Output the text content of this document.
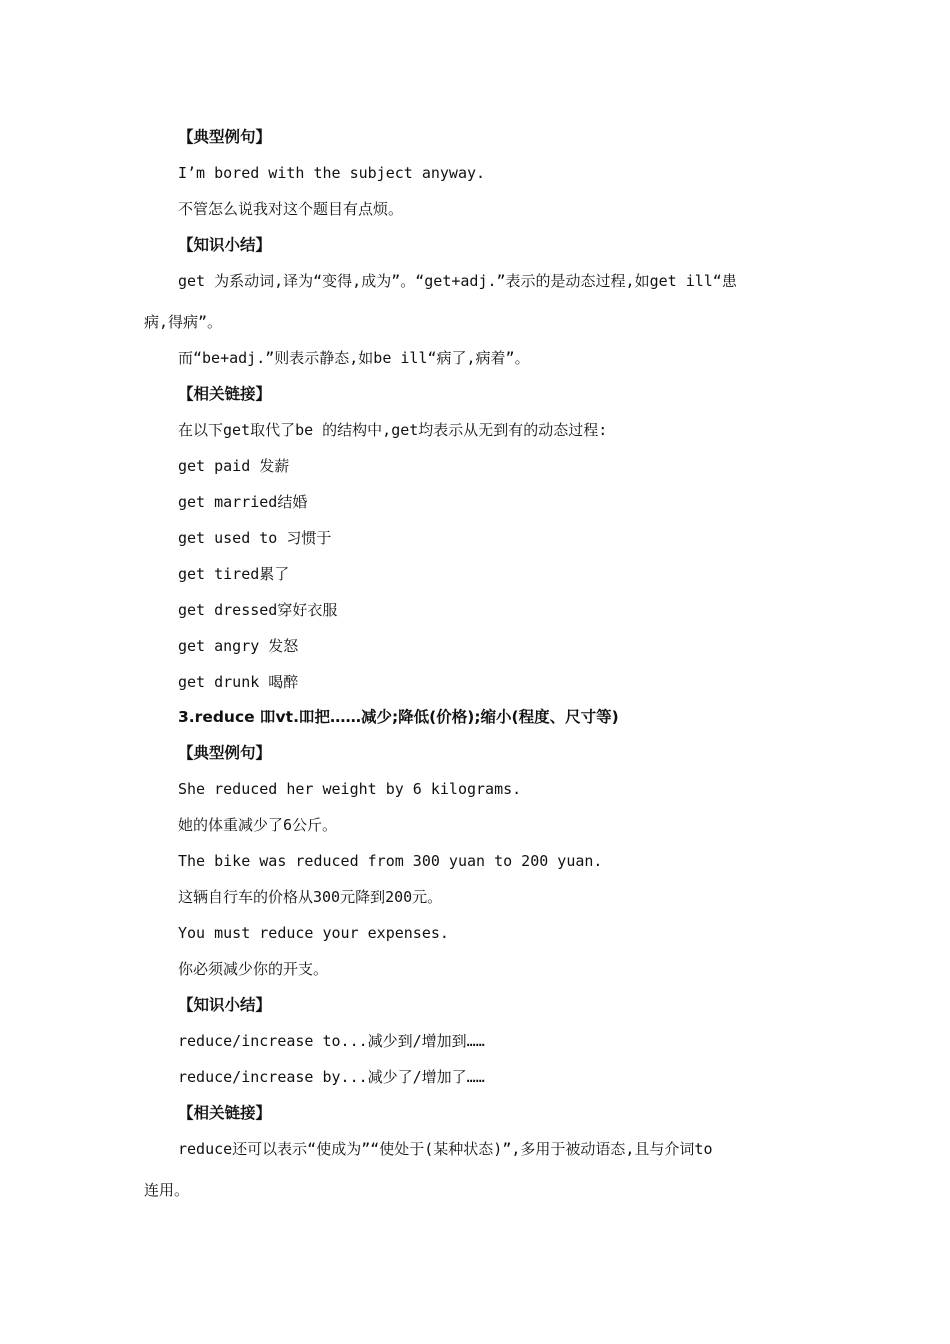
【典型例句】
I’m bored with the subject anyway.
不管怎么说我对这个题目有点烦。
【知识小结】
get 为系动词,译为“变得,成为”。“get+adj.”表示的是动态过程,如get ill“患
病,得病”。
而“be+adj.”则表示静态,如be ill“病了,病着”。
【相关链接】
在以下get取代了be 的结构中,get均表示从无到有的动态过程:
get paid 发薪
get married结婚
get used to 习惯于
get tired累了
get dressed穿好衣服
get angry 发怒
get drunk 喝醉
3.reduce 吅vt.吅把……减少;降低(价格);缩小(程度、尺寸等)
【典型例句】
She reduced her weight by 6 kilograms.
她的体重减少了6公斤。
The bike was reduced from 300 yuan to 200 yuan.
这辆自行车的价格从300元降到200元。
You must reduce your expenses.
你必须减少你的开支。
【知识小结】
reduce/increase to...减少到/增加到……
reduce/increase by...减少了/增加了……
【相关链接】
reduce还可以表示“使成为”“使处于(某种状态)”,多用于被动语态,且与介词to
连用。
